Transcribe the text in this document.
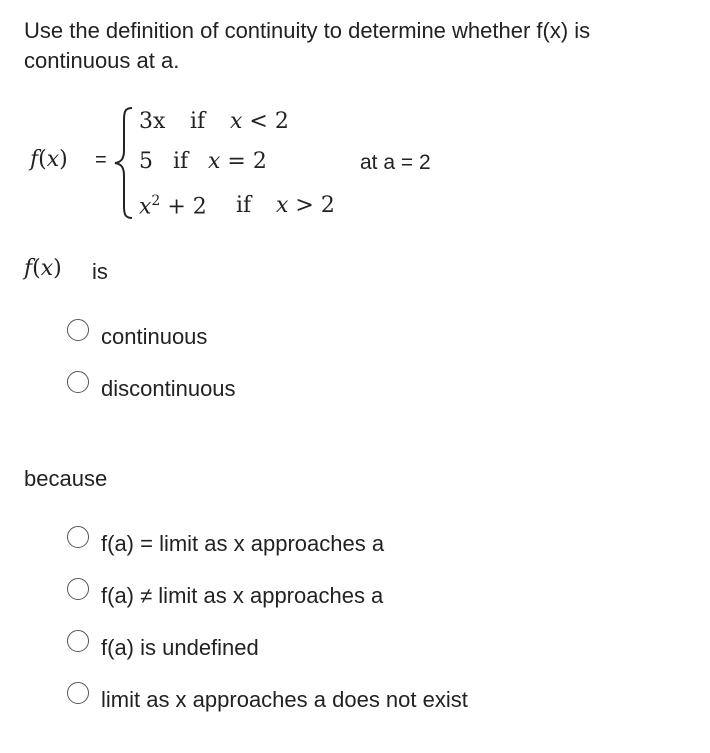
Use the definition of continuity to determine whether f(x) is continuous at a.
f(x) =
3x if x < 2
5 if x = 2
$x^2 + 2$ if x > 2
at a = 2
f(x) is
continuous
discontinuous
because
f(a) = limit as x approaches a
f(a) ≠ limit as x approaches a
f(a) is undefined
limit as x approaches a does not exist
